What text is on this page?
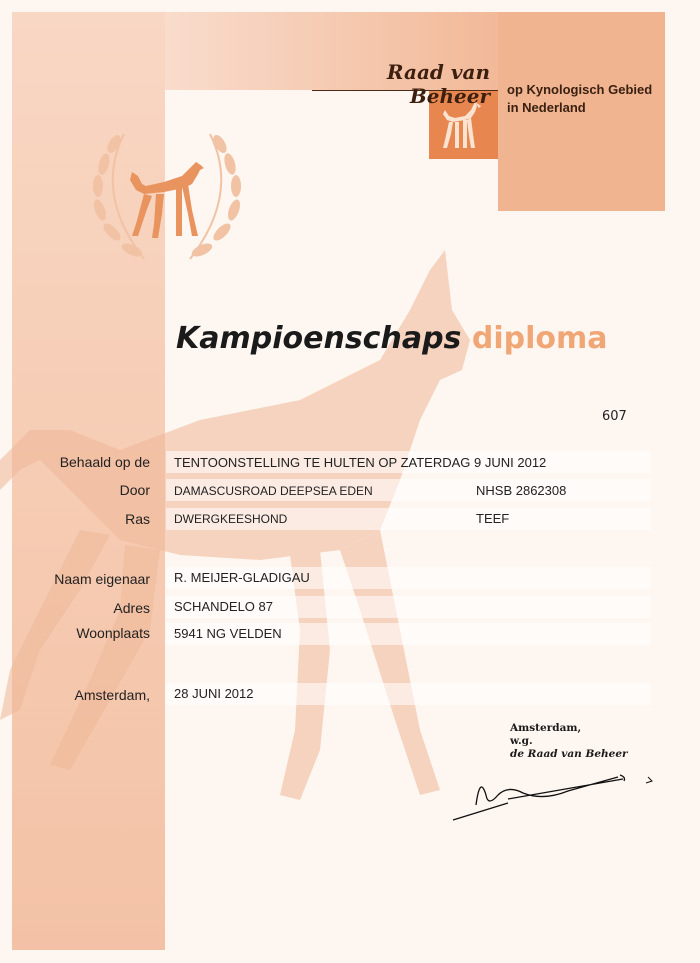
Raad van Beheer op Kynologisch Gebied
in Nederland
Kampioenschaps diploma
607
Behaald op de TENTOONSTELLING TE HULTEN OP ZATERDAG 9 JUNI 2012
Door DAMASCUSROAD DEEPSEA EDEN	NHSB 2862308
Ras DWERGKEESHOND	TEEF
Naam eigenaar R. MEIJER-GLADIGAU
Adres SCHANDELO 87
Woonplaats 5941 NG VELDEN
Amsterdam, 28 JUNI 2012
Amsterdam,
w.g.
de Raad van Beheer
